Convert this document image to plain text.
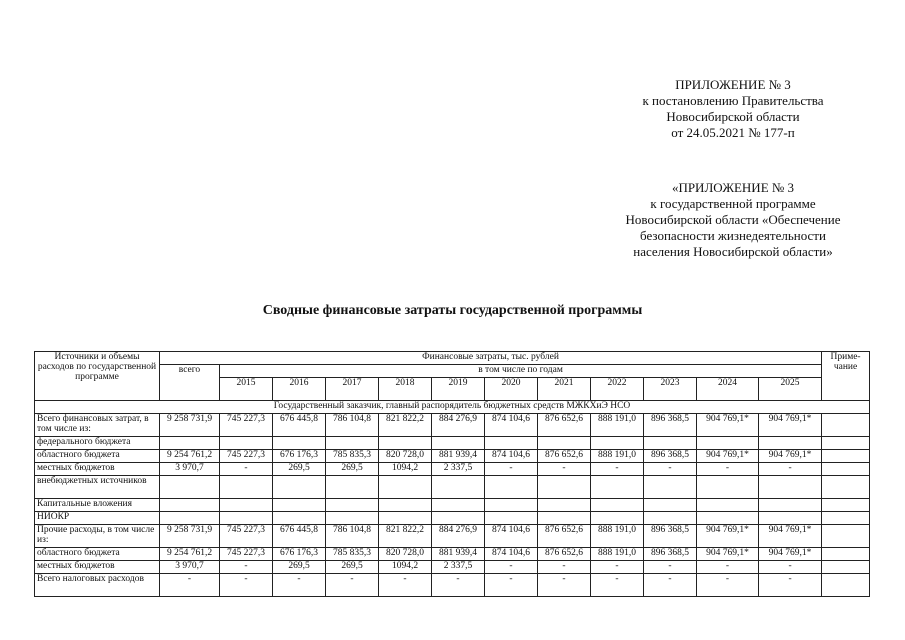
ПРИЛОЖЕНИЕ № 3
к постановлению Правительства
Новосибирской области
от 24.05.2021 № 177-п
«ПРИЛОЖЕНИЕ № 3
к государственной программе
Новосибирской области «Обеспечение
безопасности жизнедеятельности
населения Новосибирской области»
Сводные финансовые затраты государственной программы
Источники и объемы расходов по государственной программе	Финансовые затраты, тыс. рублей												Приме-чание
	всего	в том числе по годам											
		2015	2016	2017	2018	2019	2020	2021	2022	2023	2024	2025	
Государственный заказчик, главный распорядитель бюджетных средств МЖКХиЭ НСО													
Всего финансовых затрат, в том числе из:	9 258 731,9	745 227,3	676 445,8	786 104,8	821 822,2	884 276,9	874 104,6	876 652,6	888 191,0	896 368,5	904 769,1*	904 769,1*	
федерального бюджета													
областного бюджета	9 254 761,2	745 227,3	676 176,3	785 835,3	820 728,0	881 939,4	874 104,6	876 652,6	888 191,0	896 368,5	904 769,1*	904 769,1*	
местных бюджетов	3 970,7	-	269,5	269,5	1094,2	2 337,5	-	-	-	-	-	-	
внебюджетных источников													
Капитальные вложения													
НИОКР													
Прочие расходы, в том числе из:	9 258 731,9	745 227,3	676 445,8	786 104,8	821 822,2	884 276,9	874 104,6	876 652,6	888 191,0	896 368,5	904 769,1*	904 769,1*	
областного бюджета	9 254 761,2	745 227,3	676 176,3	785 835,3	820 728,0	881 939,4	874 104,6	876 652,6	888 191,0	896 368,5	904 769,1*	904 769,1*	
местных бюджетов	3 970,7	-	269,5	269,5	1094,2	2 337,5	-	-	-	-	-	-	
Всего налоговых расходов	-	-	-	-	-	-	-	-	-	-	-	-	
